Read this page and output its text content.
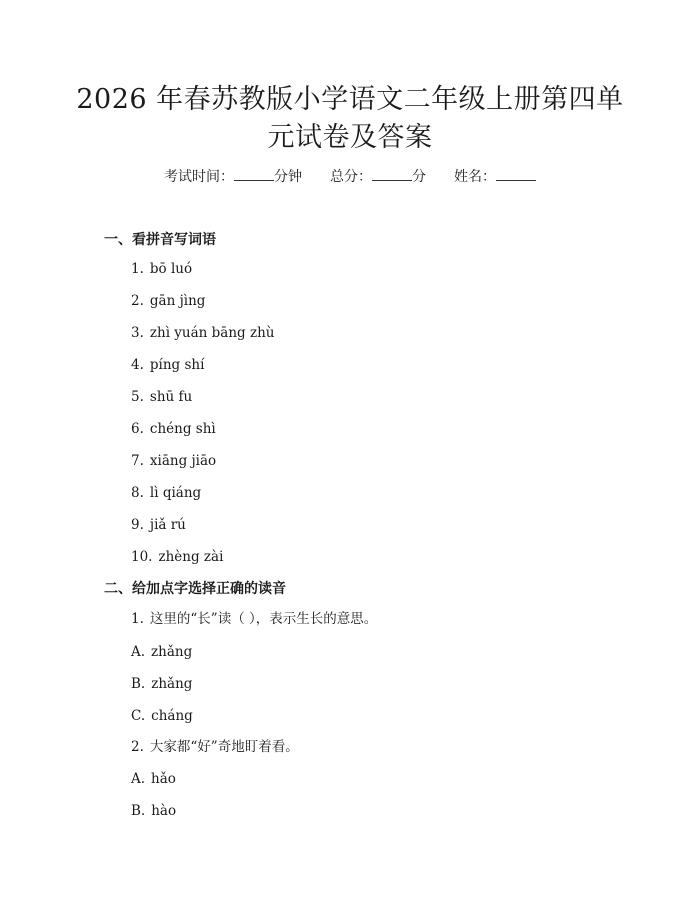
2026 年春苏教版小学语文二年级上册第四单
元试卷及答案
考试时间：	分钟 总分：	分 姓名：
一、看拼音写词语
1. bō luó
2. gān jìng
3. zhì yuán bāng zhù
4. píng shí
5. shū fu
6. chéng shì
7. xiāng jiāo
8. lì qiáng
9. jiǎ rú
10. zhèng zài
二、给加点字选择正确的读音
1. 这里的“长”读（ ），表示生长的意思。
A. zhǎng
B. zhǎng
C. cháng
2. 大家都“好”奇地盯着看。
A. hǎo
B. hào
